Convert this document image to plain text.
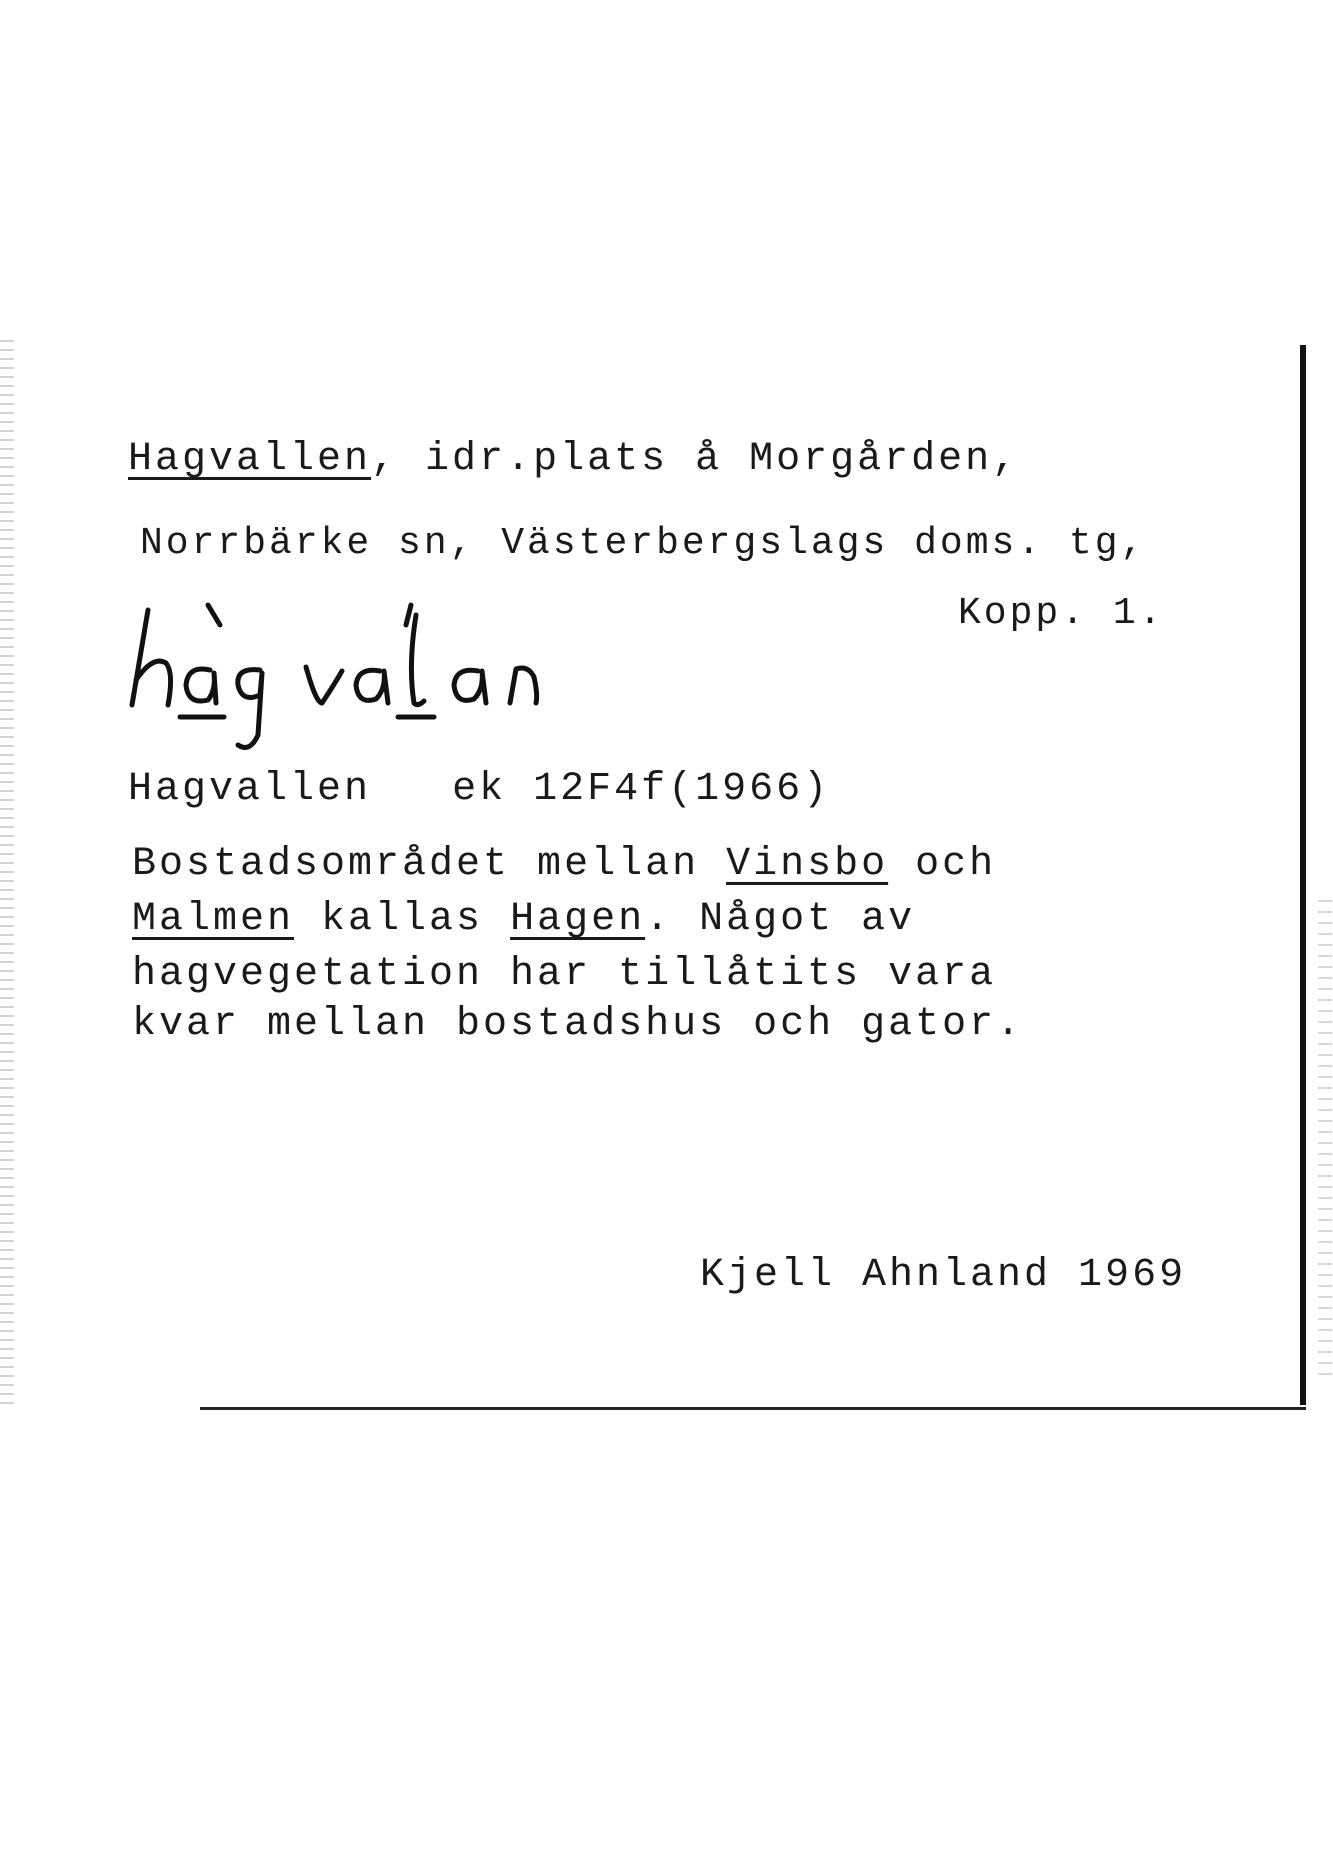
Hagvallen, idr.plats å Morgården,
Norrbärke sn, Västerbergslags doms. tg,
Kopp. 1.
Hagvallen ek 12F4f(1966)
Bostadsområdet mellan Vinsbo och
Malmen kallas Hagen. Något av
hagvegetation har tillåtits vara
kvar mellan bostadshus och gator.
Kjell Ahnland 1969
